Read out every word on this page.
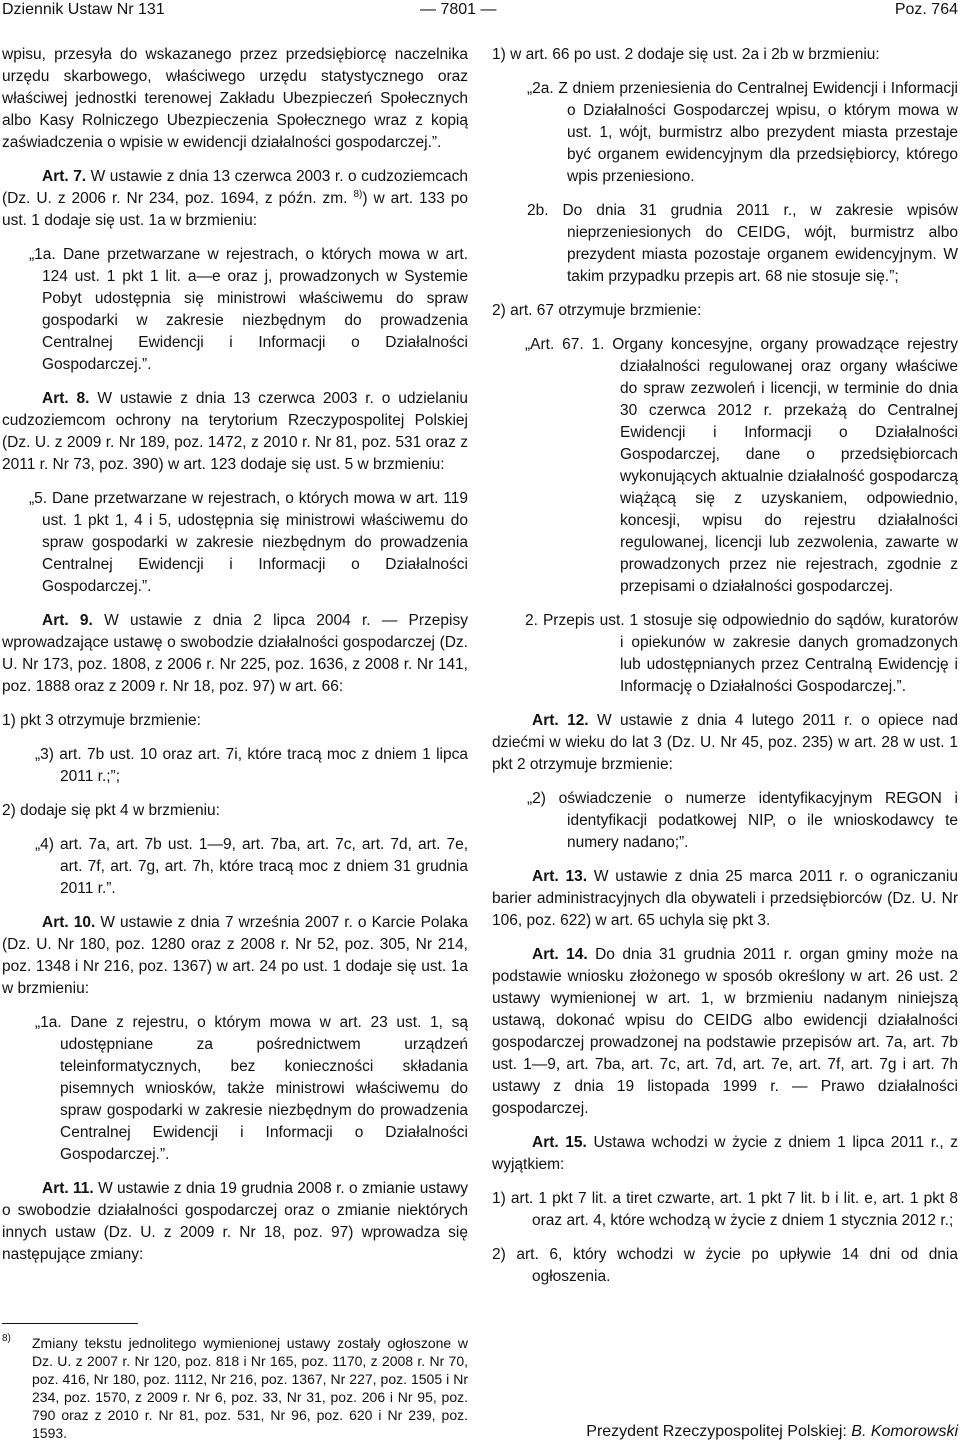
Dziennik Ustaw Nr 131	— 7801 —	Poz. 764

wpisu, przesyła do wskazanego przez przedsiębiorcę naczelnika urzędu skarbowego, właściwego urzędu statystycznego oraz właściwej jednostki terenowej Zakładu Ubezpieczeń Społecznych albo Kasy Rolniczego Ubezpieczenia Społecznego wraz z kopią zaświadczenia o wpisie w ewidencji działalności gospodarczej.”.

Art. 7. W ustawie z dnia 13 czerwca 2003 r. o cudzoziemcach (Dz. U. z 2006 r. Nr 234, poz. 1694, z późn. zm. $^{8)}$) w art. 133 po ust. 1 dodaje się ust. 1a w brzmieniu:

„1a. Dane przetwarzane w rejestrach, o których mowa w art. 124 ust. 1 pkt 1 lit. a—e oraz j, prowadzonych w Systemie Pobyt udostępnia się ministrowi właściwemu do spraw gospodarki w zakresie niezbędnym do prowadzenia Centralnej Ewidencji i Informacji o Działalności Gospodarczej.”.

Art. 8. W ustawie z dnia 13 czerwca 2003 r. o udzielaniu cudzoziemcom ochrony na terytorium Rzeczypospolitej Polskiej (Dz. U. z 2009 r. Nr 189, poz. 1472, z 2010 r. Nr 81, poz. 531 oraz z 2011 r. Nr 73, poz. 390) w art. 123 dodaje się ust. 5 w brzmieniu:

„5. Dane przetwarzane w rejestrach, o których mowa w art. 119 ust. 1 pkt 1, 4 i 5, udostępnia się ministrowi właściwemu do spraw gospodarki w zakresie niezbędnym do prowadzenia Centralnej Ewidencji i Informacji o Działalności Gospodarczej.”.

Art. 9. W ustawie z dnia 2 lipca 2004 r. — Przepisy wprowadzające ustawę o swobodzie działalności gospodarczej (Dz. U. Nr 173, poz. 1808, z 2006 r. Nr 225, poz. 1636, z 2008 r. Nr 141, poz. 1888 oraz z 2009 r. Nr 18, poz. 97) w art. 66:

1) pkt 3 otrzymuje brzmienie:

„3) art. 7b ust. 10 oraz art. 7i, które tracą moc z dniem 1 lipca 2011 r.;”;

2) dodaje się pkt 4 w brzmieniu:

„4) art. 7a, art. 7b ust. 1—9, art. 7ba, art. 7c, art. 7d, art. 7e, art. 7f, art. 7g, art. 7h, które tracą moc z dniem 31 grudnia 2011 r.”.

Art. 10. W ustawie z dnia 7 września 2007 r. o Karcie Polaka (Dz. U. Nr 180, poz. 1280 oraz z 2008 r. Nr 52, poz. 305, Nr 214, poz. 1348 i Nr 216, poz. 1367) w art. 24 po ust. 1 dodaje się ust. 1a w brzmieniu:

„1a. Dane z rejestru, o którym mowa w art. 23 ust. 1, są udostępniane za pośrednictwem urządzeń teleinformatycznych, bez konieczności składania pisemnych wniosków, także ministrowi właściwemu do spraw gospodarki w zakresie niezbędnym do prowadzenia Centralnej Ewidencji i Informacji o Działalności Gospodarczej.”.

Art. 11. W ustawie z dnia 19 grudnia 2008 r. o zmianie ustawy o swobodzie działalności gospodarczej oraz o zmianie niektórych innych ustaw (Dz. U. z 2009 r. Nr 18, poz. 97) wprowadza się następujące zmiany:

8) Zmiany tekstu jednolitego wymienionej ustawy zostały ogłoszone w Dz. U. z 2007 r. Nr 120, poz. 818 i Nr 165, poz. 1170, z 2008 r. Nr 70, poz. 416, Nr 180, poz. 1112, Nr 216, poz. 1367, Nr 227, poz. 1505 i Nr 234, poz. 1570, z 2009 r. Nr 6, poz. 33, Nr 31, poz. 206 i Nr 95, poz. 790 oraz z 2010 r. Nr 81, poz. 531, Nr 96, poz. 620 i Nr 239, poz. 1593.

1) w art. 66 po ust. 2 dodaje się ust. 2a i 2b w brzmieniu:

„2a. Z dniem przeniesienia do Centralnej Ewidencji i Informacji o Działalności Gospodarczej wpisu, o którym mowa w ust. 1, wójt, burmistrz albo prezydent miasta przestaje być organem ewidencyjnym dla przedsiębiorcy, którego wpis przeniesiono.

2b. Do dnia 31 grudnia 2011 r., w zakresie wpisów nieprzeniesionych do CEIDG, wójt, burmistrz albo prezydent miasta pozostaje organem ewidencyjnym. W takim przypadku przepis art. 68 nie stosuje się.”;

2) art. 67 otrzymuje brzmienie:

„Art. 67. 1. Organy koncesyjne, organy prowadzące rejestry działalności regulowanej oraz organy właściwe do spraw zezwoleń i licencji, w terminie do dnia 30 czerwca 2012 r. przekażą do Centralnej Ewidencji i Informacji o Działalności Gospodarczej, dane o przedsiębiorcach wykonujących aktualnie działalność gospodarczą wiążącą się z uzyskaniem, odpowiednio, koncesji, wpisu do rejestru działalności regulowanej, licencji lub zezwolenia, zawarte w prowadzonych przez nie rejestrach, zgodnie z przepisami o działalności gospodarczej.

2. Przepis ust. 1 stosuje się odpowiednio do sądów, kuratorów i opiekunów w zakresie danych gromadzonych lub udostępnianych przez Centralną Ewidencję i Informację o Działalności Gospodarczej.”.

Art. 12. W ustawie z dnia 4 lutego 2011 r. o opiece nad dziećmi w wieku do lat 3 (Dz. U. Nr 45, poz. 235) w art. 28 w ust. 1 pkt 2 otrzymuje brzmienie:

„2) oświadczenie o numerze identyfikacyjnym REGON i identyfikacji podatkowej NIP, o ile wnioskodawcy te numery nadano;”.

Art. 13. W ustawie z dnia 25 marca 2011 r. o ograniczaniu barier administracyjnych dla obywateli i przedsiębiorców (Dz. U. Nr 106, poz. 622) w art. 65 uchyla się pkt 3.

Art. 14. Do dnia 31 grudnia 2011 r. organ gminy może na podstawie wniosku złożonego w sposób określony w art. 26 ust. 2 ustawy wymienionej w art. 1, w brzmieniu nadanym niniejszą ustawą, dokonać wpisu do CEIDG albo ewidencji działalności gospodarczej prowadzonej na podstawie przepisów art. 7a, art. 7b ust. 1—9, art. 7ba, art. 7c, art. 7d, art. 7e, art. 7f, art. 7g i art. 7h ustawy z dnia 19 listopada 1999 r. — Prawo działalności gospodarczej.

Art. 15. Ustawa wchodzi w życie z dniem 1 lipca 2011 r., z wyjątkiem:

1) art. 1 pkt 7 lit. a tiret czwarte, art. 1 pkt 7 lit. b i lit. e, art. 1 pkt 8 oraz art. 4, które wchodzą w życie z dniem 1 stycznia 2012 r.;

2) art. 6, który wchodzi w życie po upływie 14 dni od dnia ogłoszenia.

Prezydent Rzeczypospolitej Polskiej: B. Komorowski
